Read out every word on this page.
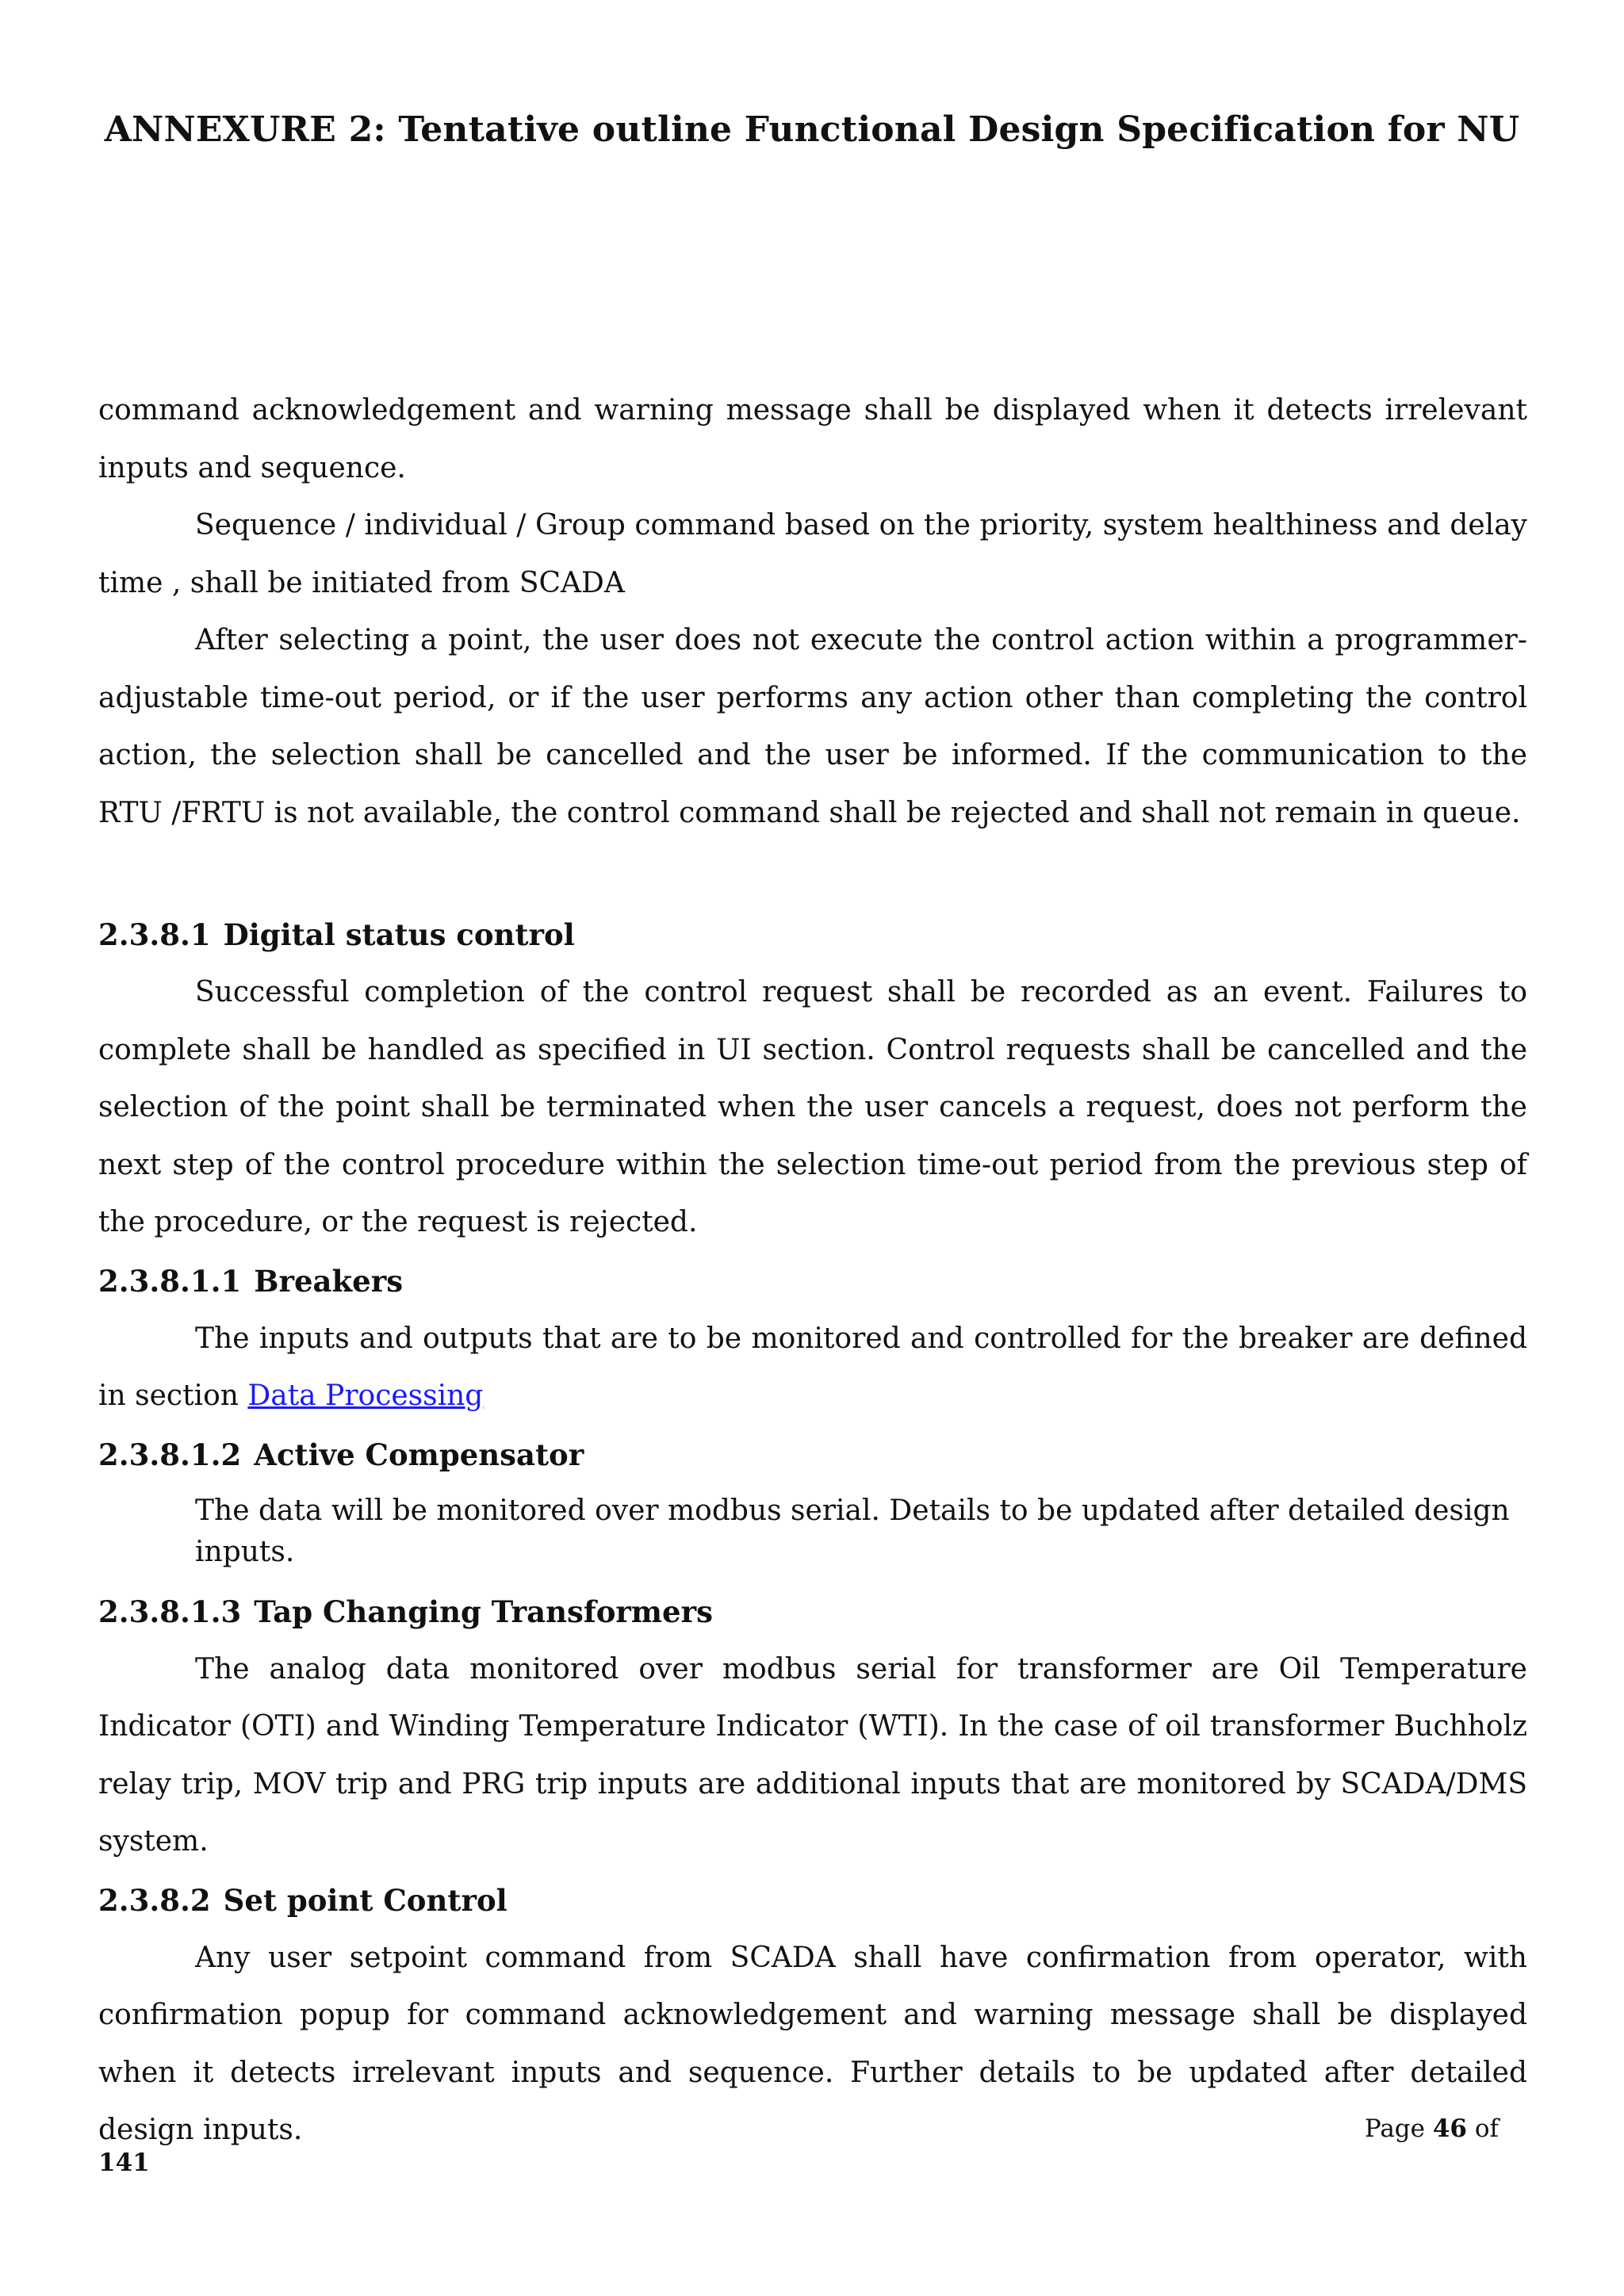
ANNEXURE 2: Tentative outline Functional Design Specification for NU

command acknowledgement and warning message shall be displayed when it detects irrelevant inputs and sequence.

Sequence / individual / Group command based on the priority, system healthiness and delay time , shall be initiated from SCADA

After selecting a point, the user does not execute the control action within a programmer-adjustable time-out period, or if the user performs any action other than completing the control action, the selection shall be cancelled and the user be informed. If the communication to the RTU /FRTU is not available, the control command shall be rejected and shall not remain in queue.

2.3.8.1 Digital status control

Successful completion of the control request shall be recorded as an event. Failures to complete shall be handled as specified in UI section. Control requests shall be cancelled and the selection of the point shall be terminated when the user cancels a request, does not perform the next step of the control procedure within the selection time-out period from the previous step of the procedure, or the request is rejected.

2.3.8.1.1 Breakers

The inputs and outputs that are to be monitored and controlled for the breaker are defined in section Data Processing

2.3.8.1.2 Active Compensator

The data will be monitored over modbus serial. Details to be updated after detailed design inputs.

2.3.8.1.3 Tap Changing Transformers

The analog data monitored over modbus serial for transformer are Oil Temperature Indicator (OTI) and Winding Temperature Indicator (WTI). In the case of oil transformer Buchholz relay trip, MOV trip and PRG trip inputs are additional inputs that are monitored by SCADA/DMS system.

2.3.8.2 Set point Control

Any user setpoint command from SCADA shall have confirmation from operator, with confirmation popup for command acknowledgement and warning message shall be displayed when it detects irrelevant inputs and sequence. Further details to be updated after detailed design inputs.	Page 46 of
141
